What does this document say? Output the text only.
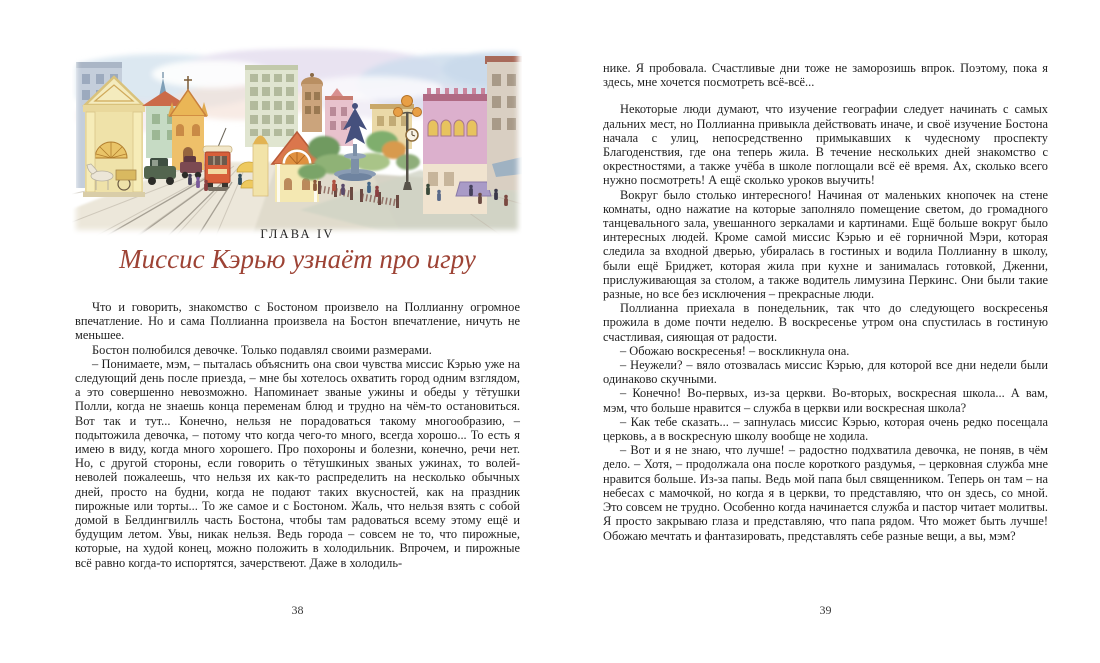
ГЛАВА IV
Миссис Кэрью узнаёт про игру

Что и говорить, знакомство с Бостоном произвело на Поллианну огромное впечатление. Но и сама Поллианна произвела на Бостон впечатление, ничуть не меньшее.

Бостон полюбился девочке. Только подавлял своими размерами.

– Понимаете, мэм, – пыталась объяснить она свои чувства миссис Кэрью уже на следующий день после приезда, – мне бы хотелось охватить город одним взглядом, а это совершенно невозможно. Напоминает званые ужины и обеды у тётушки Полли, когда не знаешь конца переменам блюд и трудно на чём-то остановиться. Вот так и тут... Конечно, нельзя не порадоваться такому многообразию, – подытожила девочка, – потому что когда чего-то много, всегда хорошо... То есть я имею в виду, когда много хорошего. Про похороны и болезни, конечно, речи нет. Но, с другой стороны, если говорить о тётушкиных званых ужинах, то волей-неволей пожалеешь, что нельзя их как-то распределить на несколько обычных дней, просто на будни, когда не подают таких вкусностей, как на праздник пирожные или торты... То же самое и с Бостоном. Жаль, что нельзя взять с собой домой в Белдингвилль часть Бостона, чтобы там радоваться всему этому ещё и будущим летом. Увы, никак нельзя. Ведь города – совсем не то, что пирожные, которые, на худой конец, можно положить в холодильник. Впрочем, и пирожные всё равно когда-то испортятся, зачерствеют. Даже в холодиль-

38

нике. Я пробовала. Счастливые дни тоже не заморозишь впрок. Поэтому, пока я здесь, мне хочется посмотреть всё-всё...

Некоторые люди думают, что изучение географии следует начинать с самых дальних мест, но Поллианна привыкла действовать иначе, и своё изучение Бостона начала с улиц, непосредственно примыкавших к чудесному проспекту Благоденствия, где она теперь жила. В течение нескольких дней знакомство с окрестностями, а также учёба в школе поглощали всё её время. Ах, сколько всего нужно посмотреть! А ещё сколько уроков выучить!

Вокруг было столько интересного! Начиная от маленьких кнопочек на стене комнаты, одно нажатие на которые заполняло помещение светом, до громадного танцевального зала, увешанного зеркалами и картинами. Ещё больше вокруг было интересных людей. Кроме самой миссис Кэрью и её горничной Мэри, которая следила за входной дверью, убиралась в гостиных и водила Поллианну в школу, были ещё Бриджет, которая жила при кухне и занималась готовкой, Дженни, прислуживающая за столом, а также водитель лимузина Перкинс. Они были такие разные, но все без исключения – прекрасные люди.

Поллианна приехала в понедельник, так что до следующего воскресенья прожила в доме почти неделю. В воскресенье утром она спустилась в гостиную счастливая, сияющая от радости.

– Обожаю воскресенья! – воскликнула она.

– Неужели? – вяло отозвалась миссис Кэрью, для которой все дни недели были одинаково скучными.

– Конечно! Во-первых, из-за церкви. Во-вторых, воскресная школа... А вам, мэм, что больше нравится – служба в церкви или воскресная школа?

– Как тебе сказать... – запнулась миссис Кэрью, которая очень редко посещала церковь, а в воскресную школу вообще не ходила.

– Вот и я не знаю, что лучше! – радостно подхватила девочка, не поняв, в чём дело. – Хотя, – продолжала она после короткого раздумья, – церковная служба мне нравится больше. Из-за папы. Ведь мой папа был священником. Теперь он там – на небесах с мамочкой, но когда я в церкви, то представляю, что он здесь, со мной. Это совсем не трудно. Особенно когда начинается служба и пастор читает молитвы. Я просто закрываю глаза и представляю, что папа рядом. Что может быть лучше! Обожаю мечтать и фантазировать, представлять себе разные вещи, а вы, мэм?

39
